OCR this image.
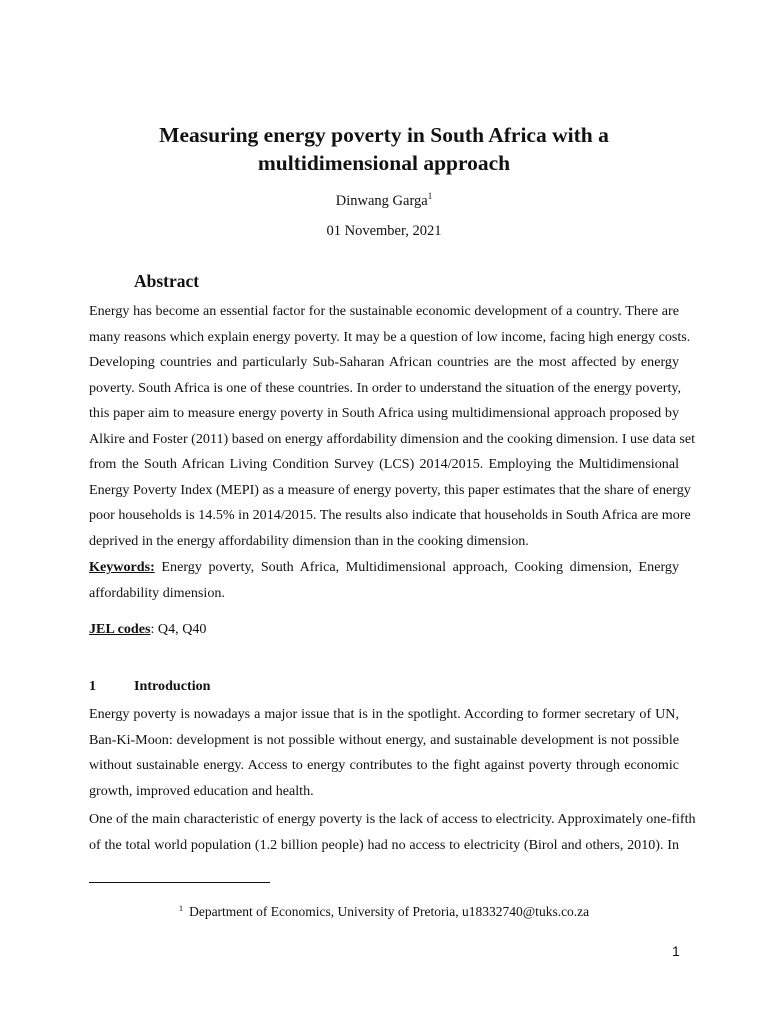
Measuring energy poverty in South Africa with a
multidimensional approach
Dinwang Garga$^1$
01 November, 2021
Abstract
Energy has become an essential factor for the sustainable economic development of a country. There are
many reasons which explain energy poverty. It may be a question of low income, facing high energy costs.
Developing countries and particularly Sub-Saharan African countries are the most affected by energy
poverty. South Africa is one of these countries. In order to understand the situation of the energy poverty,
this paper aim to measure energy poverty in South Africa using multidimensional approach proposed by
Alkire and Foster (2011) based on energy affordability dimension and the cooking dimension. I use data set
from the South African Living Condition Survey (LCS) 2014/2015. Employing the Multidimensional
Energy Poverty Index (MEPI) as a measure of energy poverty, this paper estimates that the share of energy
poor households is 14.5% in 2014/2015. The results also indicate that households in South Africa are more
deprived in the energy affordability dimension than in the cooking dimension.
Keywords: Energy poverty, South Africa, Multidimensional approach, Cooking dimension, Energy
affordability dimension.
JEL codes: Q4, Q40
1	Introduction
Energy poverty is nowadays a major issue that is in the spotlight. According to former secretary of UN,
Ban-Ki-Moon: development is not possible without energy, and sustainable development is not possible
without sustainable energy. Access to energy contributes to the fight against poverty through economic
growth, improved education and health.
One of the main characteristic of energy poverty is the lack of access to electricity. Approximately one-fifth
of the total world population (1.2 billion people) had no access to electricity (Birol and others, 2010). In
$^1$ Department of Economics, University of Pretoria, u18332740@tuks.co.za
1
